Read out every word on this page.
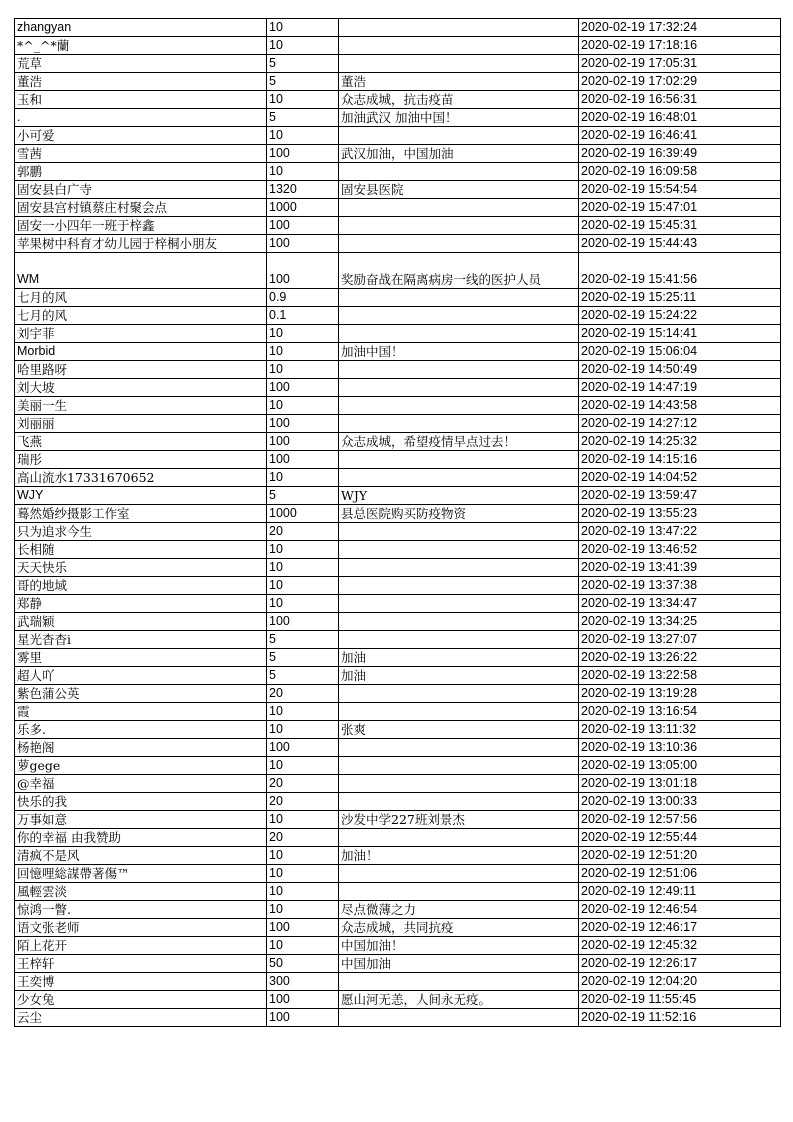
zhangyan	10		2020-02-19 17:32:24
*^_^*蘭	10		2020-02-19 17:18:16
荒草	5		2020-02-19 17:05:31
董浩	5	董浩	2020-02-19 17:02:29
玉和	10	众志成城，抗击疫苗	2020-02-19 16:56:31
.	5	加油武汉 加油中国！	2020-02-19 16:48:01
小可爱	10		2020-02-19 16:46:41
雪茜	100	武汉加油，中国加油	2020-02-19 16:39:49
郭鹏	10		2020-02-19 16:09:58
固安县白广寺	1320	固安县医院	2020-02-19 15:54:54
固安县宫村镇蔡庄村聚会点	1000		2020-02-19 15:47:01
固安一小四年一班于梓鑫	100		2020-02-19 15:45:31
苹果树中科育才幼儿园于梓桐小朋友	100		2020-02-19 15:44:43
WM	100	奖励奋战在隔离病房一线的医护人员	2020-02-19 15:41:56
七月的风	0.9		2020-02-19 15:25:11
七月的风	0.1		2020-02-19 15:24:22
刘宇菲	10		2020-02-19 15:14:41
Morbid	10	加油中国！	2020-02-19 15:06:04
哈里路呀	10		2020-02-19 14:50:49
刘大坡	100		2020-02-19 14:47:19
美丽一生	10		2020-02-19 14:43:58
刘丽丽	100		2020-02-19 14:27:12
飞燕	100	众志成城，希望疫情早点过去！	2020-02-19 14:25:32
瑞彤	100		2020-02-19 14:15:16
高山流水17331670652	10		2020-02-19 14:04:52
WJY	5	WJY	2020-02-19 13:59:47
蓦然婚纱摄影工作室	1000	县总医院购买防疫物资	2020-02-19 13:55:23
只为追求今生	20		2020-02-19 13:47:22
长相随	10		2020-02-19 13:46:52
天天快乐	10		2020-02-19 13:41:39
哥的地域	10		2020-02-19 13:37:38
郑静	10		2020-02-19 13:34:47
武瑞颖	100		2020-02-19 13:34:25
星光杳杳i	5		2020-02-19 13:27:07
雾里	5	加油	2020-02-19 13:26:22
超人吖	5	加油	2020-02-19 13:22:58
紫色蒲公英	20		2020-02-19 13:19:28
霞	10		2020-02-19 13:16:54
乐多.	10	张爽	2020-02-19 13:11:32
杨艳阁	100		2020-02-19 13:10:36
萝gege	10		2020-02-19 13:05:00
@幸福	20		2020-02-19 13:01:18
快乐的我	20		2020-02-19 13:00:33
万事如意	10	沙发中学227班刘景杰	2020-02-19 12:57:56
你的幸福 由我赞助	20		2020-02-19 12:55:44
清疯不是风	10	加油！	2020-02-19 12:51:20
回憶哩総謀帶著傷™	10		2020-02-19 12:51:06
風輕雲淡	10		2020-02-19 12:49:11
惊鸿一瞥.	10	尽点微薄之力	2020-02-19 12:46:54
语文张老师	100	众志成城，共同抗疫	2020-02-19 12:46:17
陌上花开	10	中国加油！	2020-02-19 12:45:32
王梓轩	50	中国加油	2020-02-19 12:26:17
王奕博	300		2020-02-19 12:04:20
少女兔	100	愿山河无恙，人间永无疫。	2020-02-19 11:55:45
云尘	100		2020-02-19 11:52:16
